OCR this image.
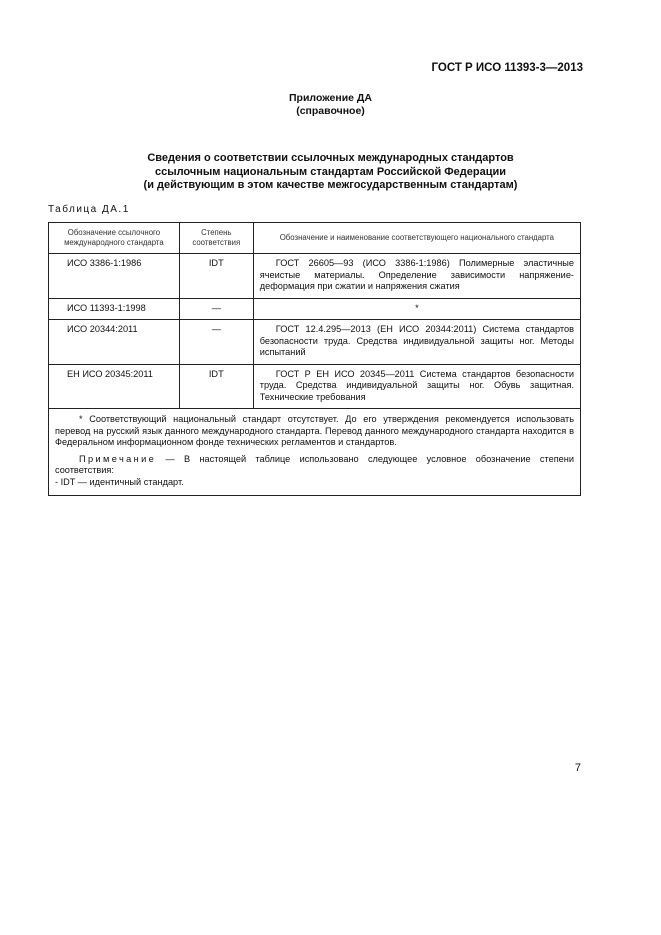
ГОСТ Р ИСО 11393-3—2013
Приложение ДА
(справочное)
Сведения о соответствии ссылочных международных стандартов
ссылочным национальным стандартам Российской Федерации
(и действующим в этом качестве межгосударственным стандартам)
Таблица ДА.1
Обозначение ссылочного международного стандарта	Степень соответствия	Обозначение и наименование соответствующего национального стандарта
ИСО 3386-1:1986	IDT	ГОСТ 26605—93 (ИСО 3386-1:1986) Полимерные эластичные ячеистые материалы. Определение зависимости напряжение-деформация при сжатии и напряжения сжатия
ИСО 11393-1:1998	—	*
ИСО 20344:2011	—	ГОСТ 12.4.295—2013 (ЕН ИСО 20344:2011) Система стандартов безопасности труда. Средства индивидуальной защиты ног. Методы испытаний
ЕН ИСО 20345:2011	IDT	ГОСТ Р ЕН ИСО 20345—2011 Система стандартов безопасности труда. Средства индивидуальной защиты ног. Обувь защитная. Технические требования

* Соответствующий национальный стандарт отсутствует. До его утверждения рекомендуется использовать перевод на русский язык данного международного стандарта. Перевод данного международного стандарта находится в Федеральном информационном фонде технических регламентов и стандартов.

Примечание — В настоящей таблице использовано следующее условное обозначение степени соответствия:

- IDT — идентичный стандарт.		

7
